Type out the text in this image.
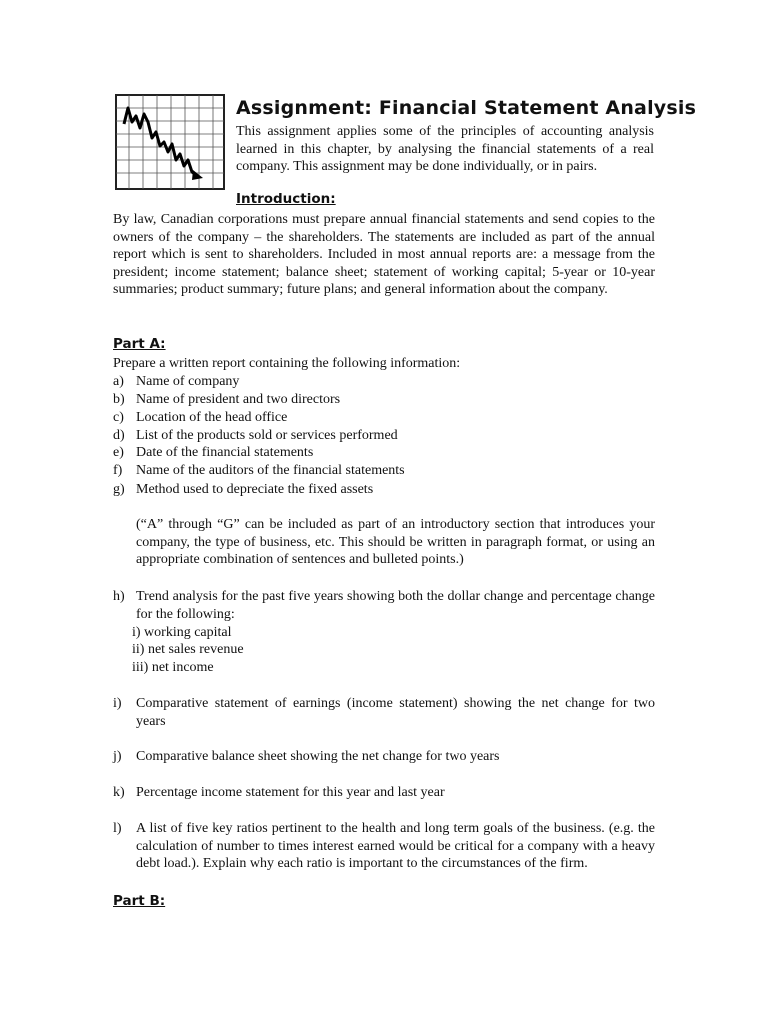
Assignment: Financial Statement Analysis

This assignment applies some of the principles of accounting analysis learned in this chapter, by analysing the financial statements of a real company. This assignment may be done individually, or in pairs.

Introduction:

By law, Canadian corporations must prepare annual financial statements and send copies to the owners of the company – the shareholders. The statements are included as part of the annual report which is sent to shareholders. Included in most annual reports are: a message from the president; income statement; balance sheet; statement of working capital; 5-year or 10-year summaries; product summary; future plans; and general information about the company.

Part A:
Prepare a written report containing the following information:
a) Name of company
b) Name of president and two directors
c) Location of the head office
d) List of the products sold or services performed
e) Date of the financial statements
f) Name of the auditors of the financial statements
g) Method used to depreciate the fixed assets

(“A” through “G” can be included as part of an introductory section that introduces your company, the type of business, etc. This should be written in paragraph format, or using an appropriate combination of sentences and bulleted points.)

h) Trend analysis for the past five years showing both the dollar change and percentage change for the following:

i) working capital
ii) net sales revenue
iii) net income
i) Comparative statement of earnings (income statement) showing the net change for two years

j) Comparative balance sheet showing the net change for two years
k) Percentage income statement for this year and last year
l) A list of five key ratios pertinent to the health and long term goals of the business. (e.g. the calculation of number to times interest earned would be critical for a company with a heavy debt load.). Explain why each ratio is important to the circumstances of the firm.

Part B:
